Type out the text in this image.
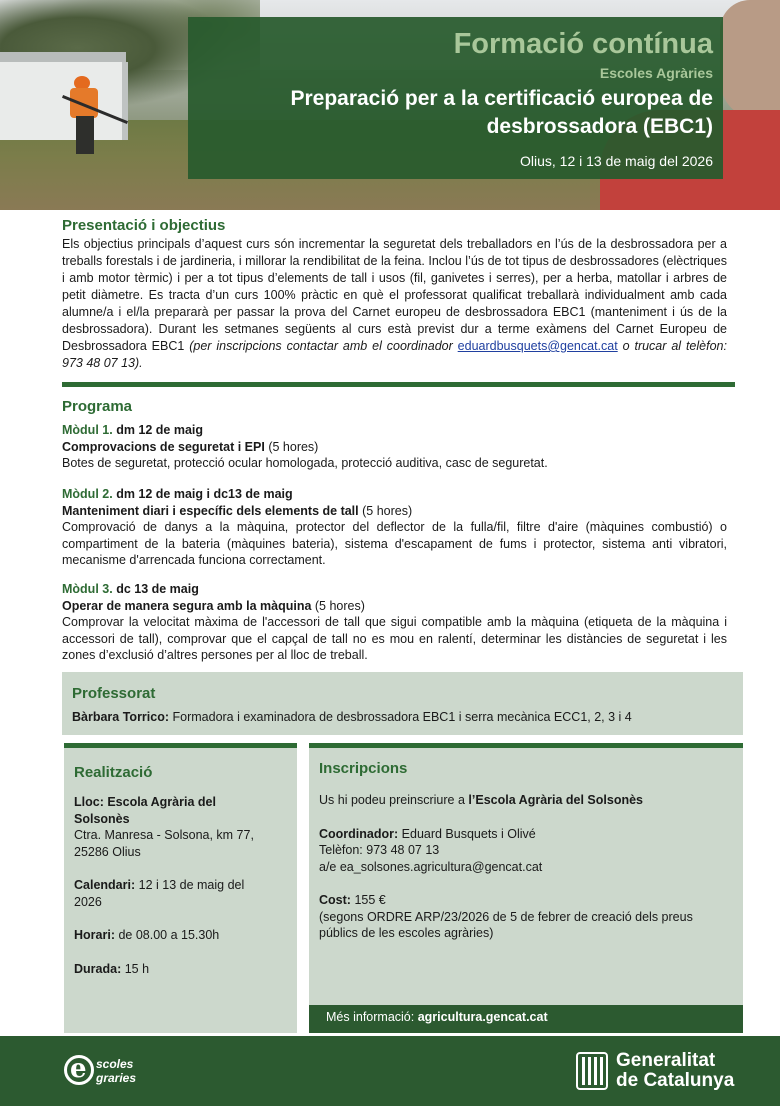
Formació contínua
Escoles Agràries
Preparació per a la certificació europea de desbrossadora (EBC1)
Olius, 12 i 13 de maig del 2026
Presentació i objectius
Els objectius principals d’aquest curs són incrementar la seguretat dels treballadors en l’ús de la desbrossadora per a treballs forestals i de jardineria, i millorar la rendibilitat de la feina. Inclou l’ús de tot tipus de desbrossadores (elèctriques i amb motor tèrmic) i per a tot tipus d’elements de tall i usos (fil, ganivetes i serres), per a herba, matollar i arbres de petit diàmetre. Es tracta d’un curs 100% pràctic en què el professorat qualificat treballarà individualment amb cada alumne/a i el/la prepararà per passar la prova del Carnet europeu de desbrossadora EBC1 (manteniment i ús de la desbrossadora). Durant les setmanes següents al curs està previst dur a terme exàmens del Carnet Europeu de Desbrossadora EBC1 (per inscripcions contactar amb el coordinador eduardbusquets@gencat.cat o trucar al telèfon: 973 48 07 13).
Programa
Mòdul 1. dm 12 de maig
Comprovacions de seguretat i EPI (5 hores)
Botes de seguretat, protecció ocular homologada, protecció auditiva, casc de seguretat.
Mòdul 2. dm 12 de maig i dc13 de maig
Manteniment diari i específic dels elements de tall (5 hores)
Comprovació de danys a la màquina, protector del deflector de la fulla/fil, filtre d'aire (màquines combustió) o compartiment de la bateria (màquines bateria), sistema d'escapament de fums i protector, sistema anti vibratori, mecanisme d'arrencada funciona correctament.
Mòdul 3. dc 13 de maig
Operar de manera segura amb la màquina (5 hores)
Comprovar la velocitat màxima de l'accessori de tall que sigui compatible amb la màquina (etiqueta de la màquina i accessori de tall), comprovar que el capçal de tall no es mou en ralentí, determinar les distàncies de seguretat i les zones d’exclusió d’altres persones per al lloc de treball.
Professorat
Bàrbara Torrico: Formadora i examinadora de desbrossadora EBC1 i serra mecànica ECC1, 2, 3 i 4
Realització

Lloc: Escola Agrària del Solsonès
Ctra. Manresa - Solsona, km 77, 25286 Olius

Calendari: 12 i 13 de maig del 2026

Horari: de 08.00 a 15.30h

Durada: 15 h

Inscripcions

Us hi podeu preinscriure a l’Escola Agrària del Solsonès

Coordinador: Eduard Busquets i Olivé
Telèfon: 973 48 07 13
a/e ea_solsones.agricultura@gencat.cat

Cost: 155 €
(segons ORDRE ARP/23/2026 de 5 de febrer de creació dels preus públics de les escoles agràries)

Més informació: agricultura.gencat.cat
e scoles
graries
Generalitat
de Catalunya
